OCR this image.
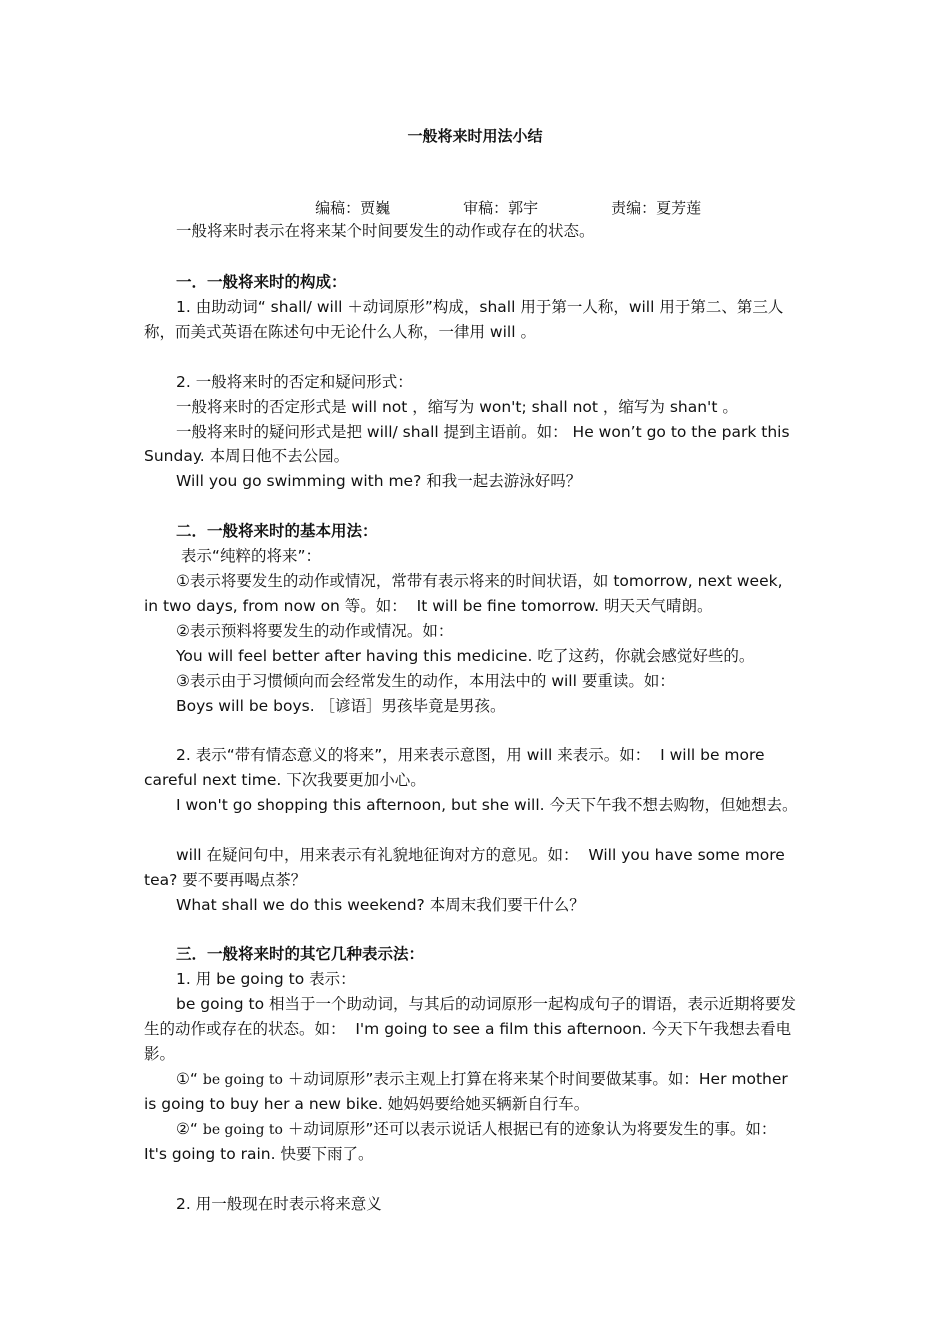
一般将来时用法小结

编稿：贾巍	审稿：郭宇	责编：夏芳莲

一般将来时表示在将来某个时间要发生的动作或存在的状态。
一．一般将来时的构成：
1. 由助动词“ shall/ will ＋动词原形”构成，shall 用于第一人称，will 用于第二、第三人
称，而美式英语在陈述句中无论什么人称，一律用 will 。
2. 一般将来时的否定和疑问形式：
一般将来时的否定形式是 will not ，缩写为 won't; shall not ，缩写为 shan't 。
一般将来时的疑问形式是把 will/ shall 提到主语前。如： He won’t go to the park this
Sunday. 本周日他不去公园。
Will you go swimming with me? 和我一起去游泳好吗？
二．一般将来时的基本用法：
表示“纯粹的将来”：
①表示将要发生的动作或情况，常带有表示将来的时间状语，如 tomorrow, next week,
in two days, from now on 等。如：  It will be fine tomorrow. 明天天气晴朗。
②表示预料将要发生的动作或情况。如：
You will feel better after having this medicine. 吃了这药，你就会感觉好些的。
③表示由于习惯倾向而会经常发生的动作，本用法中的 will 要重读。如：
Boys will be boys. ［谚语］男孩毕竟是男孩。
2. 表示“带有情态意义的将来”，用来表示意图，用 will 来表示。如：  I will be more
careful next time. 下次我要更加小心。
I won't go shopping this afternoon, but she will. 今天下午我不想去购物，但她想去。
will 在疑问句中，用来表示有礼貌地征询对方的意见。如：  Will you have some more
tea? 要不要再喝点茶？
What shall we do this weekend? 本周末我们要干什么？
三．一般将来时的其它几种表示法：
1. 用 be going to 表示：
be going to 相当于一个助动词，与其后的动词原形一起构成句子的谓语，表示近期将要发
生的动作或存在的状态。如：  I'm going to see a film this afternoon. 今天下午我想去看电
影。
①“ be going to ＋动词原形”表示主观上打算在将来某个时间要做某事。如：Her mother
is going to buy her a new bike. 她妈妈要给她买辆新自行车。
②“ be going to ＋动词原形”还可以表示说话人根据已有的迹象认为将要发生的事。如：
It's going to rain. 快要下雨了。
2. 用一般现在时表示将来意义
